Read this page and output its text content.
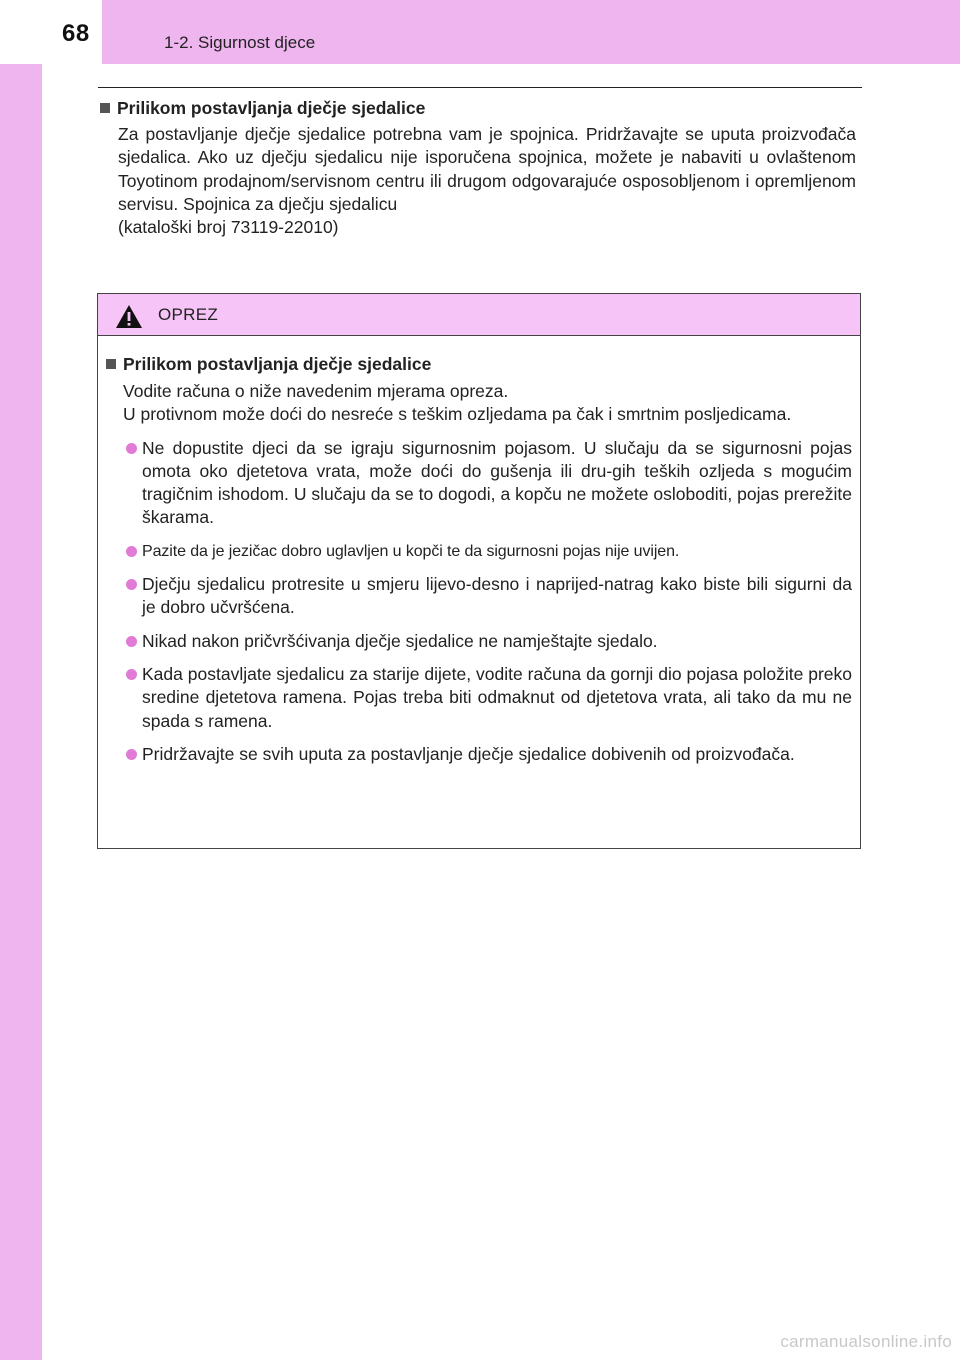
68	1-2. Sigurnost djece

Prilikom postavljanja dječje sjedalice

Za postavljanje dječje sjedalice potrebna vam je spojnica. Pridržavajte se uputa proizvođača sjedalica. Ako uz dječju sjedalicu nije isporučena spojnica, možete je nabaviti u ovlaštenom Toyotinom prodajnom/servisnom centru ili drugom odgovarajuće osposobljenom i opremljenom servisu. Spojnica za dječju sjedalicu
(kataloški broj 73119-22010)

OPREZ

Prilikom postavljanja dječje sjedalice

Vodite računa o niže navedenim mjerama opreza.
U protivnom može doći do nesreće s teškim ozljedama pa čak i smrtnim posljedicama.

Ne dopustite djeci da se igraju sigurnosnim pojasom. U slučaju da se sigurnosni pojas omota oko djetetova vrata, može doći do gušenja ili dru-gih teških ozljeda s mogućim tragičnim ishodom. U slučaju da se to dogodi, a kopču ne možete osloboditi, pojas prerežite škarama.
Pazite da je jezičac dobro uglavljen u kopči te da sigurnosni pojas nije uvijen.
Dječju sjedalicu protresite u smjeru lijevo-desno i naprijed-natrag kako biste bili sigurni da je dobro učvršćena.
Nikad nakon pričvršćivanja dječje sjedalice ne namještajte sjedalo.
Kada postavljate sjedalicu za starije dijete, vodite računa da gornji dio pojasa položite preko sredine djetetova ramena. Pojas treba biti odmaknut od djetetova vrata, ali tako da mu ne spada s ramena.
Pridržavajte se svih uputa za postavljanje dječje sjedalice dobivenih od proizvođača.
carmanualsonline.info
